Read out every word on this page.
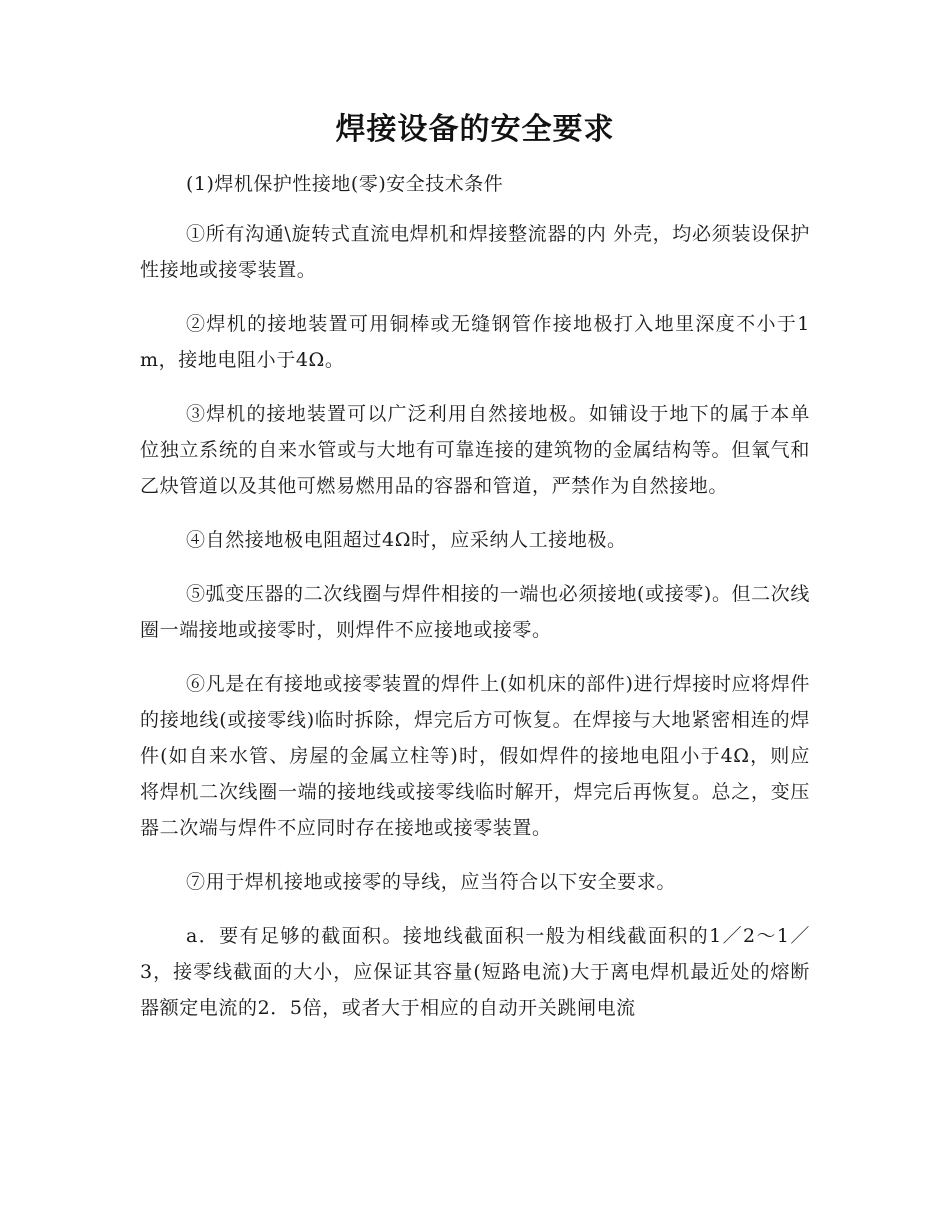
焊接设备的安全要求
(1)焊机保护性接地(零)安全技术条件

①所有沟通\旋转式直流电焊机和焊接整流器的内 外壳，均必须装设保护性接地或接零装置。

②焊机的接地装置可用铜棒或无缝钢管作接地极打入地里深度不小于1m，接地电阻小于4Ω。

③焊机的接地装置可以广泛利用自然接地极。如铺设于地下的属于本单位独立系统的自来水管或与大地有可靠连接的建筑物的金属结构等。但氧气和乙炔管道以及其他可燃易燃用品的容器和管道，严禁作为自然接地。

④自然接地极电阻超过4Ω时，应采纳人工接地极。

⑤弧变压器的二次线圈与焊件相接的一端也必须接地(或接零)。但二次线圈一端接地或接零时，则焊件不应接地或接零。

⑥凡是在有接地或接零装置的焊件上(如机床的部件)进行焊接时应将焊件的接地线(或接零线)临时拆除，焊完后方可恢复。在焊接与大地紧密相连的焊件(如自来水管、房屋的金属立柱等)时，假如焊件的接地电阻小于4Ω，则应将焊机二次线圈一端的接地线或接零线临时解开，焊完后再恢复。总之，变压器二次端与焊件不应同时存在接地或接零装置。

⑦用于焊机接地或接零的导线，应当符合以下安全要求。

a．要有足够的截面积。接地线截面积一般为相线截面积的1／2～1／3，接零线截面的大小，应保证其容量(短路电流)大于离电焊机最近处的熔断器额定电流的2．5倍，或者大于相应的自动开关跳闸电流
